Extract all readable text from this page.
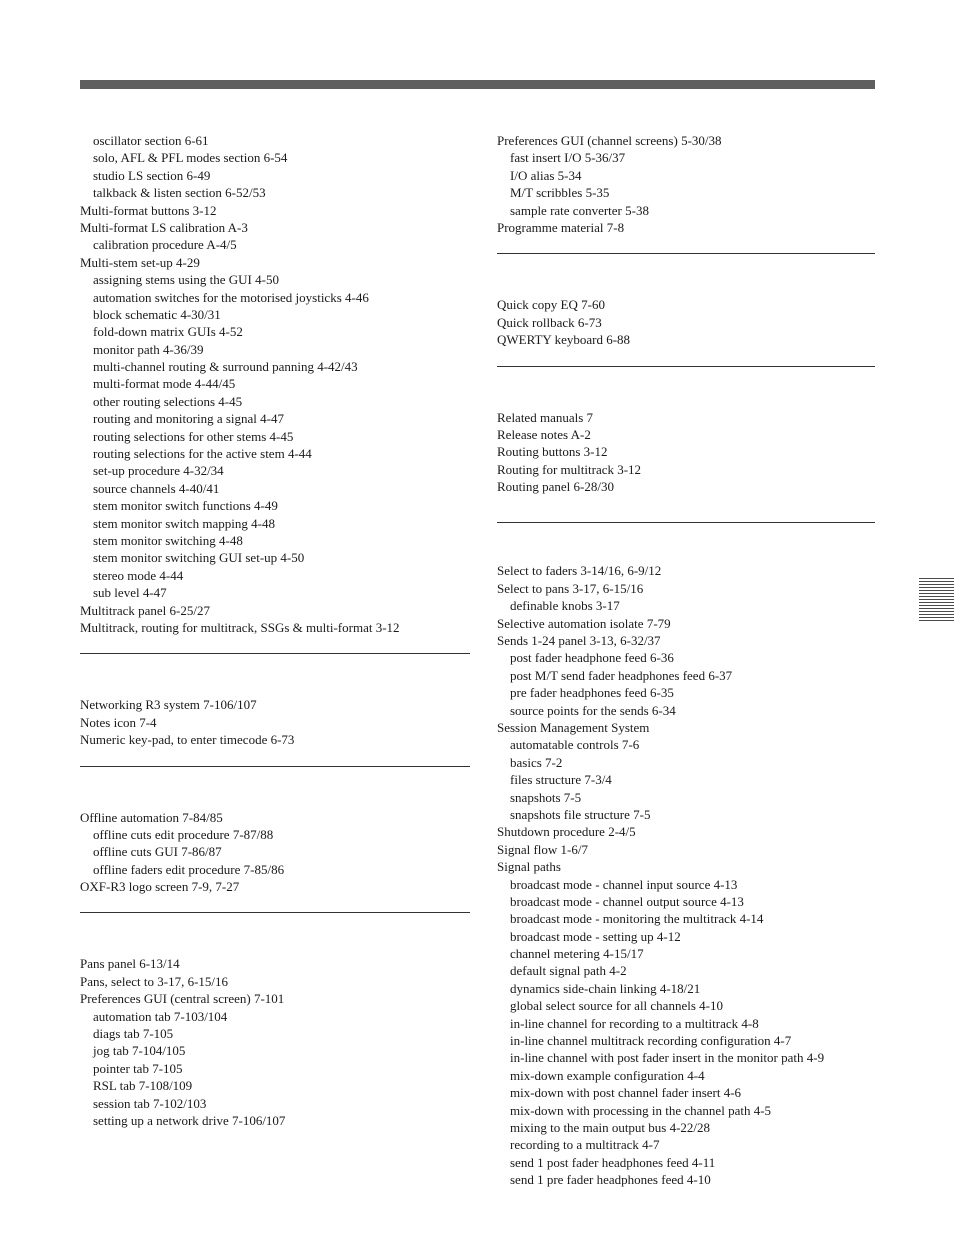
oscillator section 6-61
solo, AFL & PFL modes section 6-54
studio LS section 6-49
talkback & listen section 6-52/53
Multi-format buttons 3-12
Multi-format LS calibration A-3
calibration procedure A-4/5
Multi-stem set-up 4-29
assigning stems using the GUI 4-50
automation switches for the motorised joysticks 4-46
block schematic 4-30/31
fold-down matrix GUIs 4-52
monitor path 4-36/39
multi-channel routing & surround panning 4-42/43
multi-format mode 4-44/45
other routing selections 4-45
routing and monitoring a signal 4-47
routing selections for other stems 4-45
routing selections for the active stem 4-44
set-up procedure 4-32/34
source channels 4-40/41
stem monitor switch functions 4-49
stem monitor switch mapping 4-48
stem monitor switching 4-48
stem monitor switching GUI set-up 4-50
stereo mode 4-44
sub level 4-47
Multitrack panel 6-25/27
Multitrack, routing for multitrack, SSGs & multi-format 3-12
Networking R3 system 7-106/107
Notes icon 7-4
Numeric key-pad, to enter timecode 6-73
Offline automation 7-84/85
offline cuts edit procedure 7-87/88
offline cuts GUI 7-86/87
offline faders edit procedure 7-85/86
OXF-R3 logo screen 7-9, 7-27
Pans panel 6-13/14
Pans, select to 3-17, 6-15/16
Preferences GUI (central screen) 7-101
automation tab 7-103/104
diags tab 7-105
jog tab 7-104/105
pointer tab 7-105
RSL tab 7-108/109
session tab 7-102/103
setting up a network drive 7-106/107
Preferences GUI (channel screens) 5-30/38
fast insert I/O 5-36/37
I/O alias 5-34
M/T scribbles 5-35
sample rate converter 5-38
Programme material 7-8
Quick copy EQ 7-60
Quick rollback 6-73
QWERTY keyboard 6-88
Related manuals 7
Release notes A-2
Routing buttons 3-12
Routing for multitrack 3-12
Routing panel 6-28/30
Select to faders 3-14/16, 6-9/12
Select to pans 3-17, 6-15/16
definable knobs 3-17
Selective automation isolate 7-79
Sends 1-24 panel 3-13, 6-32/37
post fader headphone feed 6-36
post M/T send fader headphones feed 6-37
pre fader headphones feed 6-35
source points for the sends 6-34
Session Management System
automatable controls 7-6
basics 7-2
files structure 7-3/4
snapshots 7-5
snapshots file structure 7-5
Shutdown procedure 2-4/5
Signal flow 1-6/7
Signal paths
broadcast mode - channel input source 4-13
broadcast mode - channel output source 4-13
broadcast mode - monitoring the multitrack 4-14
broadcast mode - setting up 4-12
channel metering 4-15/17
default signal path 4-2
dynamics side-chain linking 4-18/21
global select source for all channels 4-10
in-line channel for recording to a multitrack 4-8
in-line channel multitrack recording configuration 4-7
in-line channel with post fader insert in the monitor path 4-9
mix-down example configuration 4-4
mix-down with post channel fader insert 4-6
mix-down with processing in the channel path 4-5
mixing to the main output bus 4-22/28
recording to a multitrack 4-7
send 1 post fader headphones feed 4-11
send 1 pre fader headphones feed 4-10
